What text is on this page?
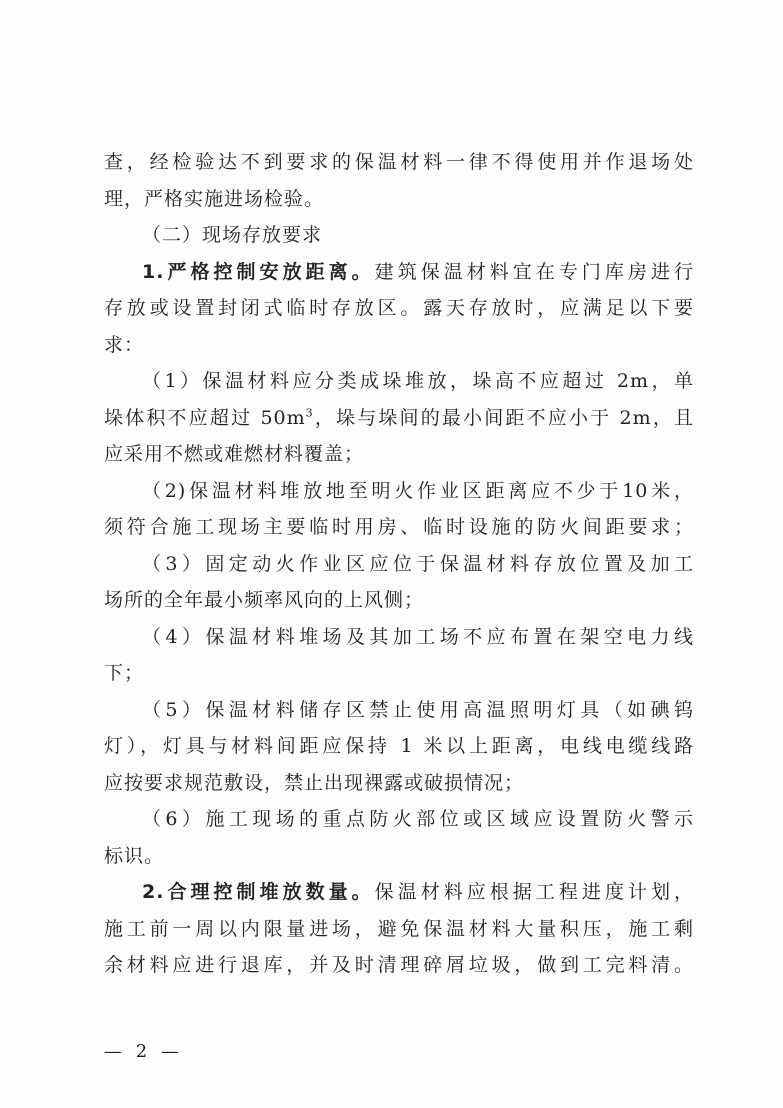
查，经检验达不到要求的保温材料一律不得使用并作退场处
理，严格实施进场检验。
（二）现场存放要求
1.严格控制安放距离。建筑保温材料宜在专门库房进行
存放或设置封闭式临时存放区。露天存放时，应满足以下要
求：
（1）保温材料应分类成垛堆放，垛高不应超过 2m，单
垛体积不应超过 $50m^3$，垛与垛间的最小间距不应小于 2m，且
应采用不燃或难燃材料覆盖；
（2)保温材料堆放地至明火作业区距离应不少于10米，
须符合施工现场主要临时用房、临时设施的防火间距要求；
（3）固定动火作业区应位于保温材料存放位置及加工
场所的全年最小频率风向的上风侧；
（4）保温材料堆场及其加工场不应布置在架空电力线
下；
（5）保温材料储存区禁止使用高温照明灯具（如碘钨
灯），灯具与材料间距应保持 1 米以上距离，电线电缆线路
应按要求规范敷设，禁止出现裸露或破损情况；
（6）施工现场的重点防火部位或区域应设置防火警示
标识。
2.合理控制堆放数量。保温材料应根据工程进度计划，
施工前一周以内限量进场，避免保温材料大量积压，施工剩
余材料应进行退库，并及时清理碎屑垃圾，做到工完料清。
— 2 —
